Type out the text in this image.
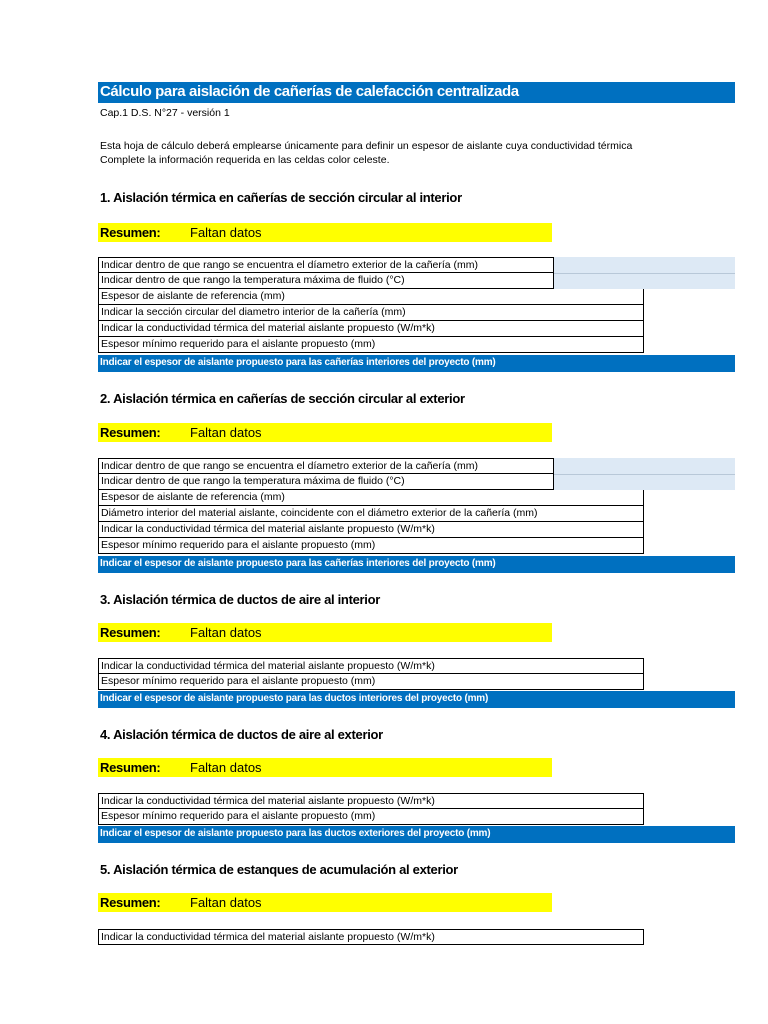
Cálculo para aislación de cañerías de calefacción centralizada
Cap.1 D.S. N°27 - versión 1
Esta hoja de cálculo deberá emplearse únicamente para definir un espesor de aislante cuya conductividad térmica
Complete la información requerida en las celdas color celeste.
1. Aislación térmica en cañerías de sección circular al interior
Resumen: Faltan datos
Indicar dentro de que rango se encuentra el díametro exterior de la cañería (mm)
Indicar dentro de que rango la temperatura máxima de fluido (°C)
Espesor de aislante de referencia (mm)
Indicar la sección circular del diametro interior de la cañería (mm)
Indicar la conductividad térmica del material aislante propuesto (W/m*k)
Espesor mínimo requerido para el aislante propuesto (mm)
Indicar el espesor de aislante propuesto para las cañerías interiores del proyecto (mm)
2. Aislación térmica en cañerías de sección circular al exterior
Resumen: Faltan datos
Indicar dentro de que rango se encuentra el díametro exterior de la cañería (mm)
Indicar dentro de que rango la temperatura máxima de fluido (°C)
Espesor de aislante de referencia (mm)
Diámetro interior del material aislante, coincidente con el diámetro exterior de la cañería (mm)
Indicar la conductividad térmica del material aislante propuesto (W/m*k)
Espesor mínimo requerido para el aislante propuesto (mm)
Indicar el espesor de aislante propuesto para las cañerías interiores del proyecto (mm)
3. Aislación térmica de ductos de aire al interior
Resumen: Faltan datos
Indicar la conductividad térmica del material aislante propuesto (W/m*k)
Espesor mínimo requerido para el aislante propuesto (mm)
Indicar el espesor de aislante propuesto para las ductos interiores del proyecto (mm)
4. Aislación térmica de ductos de aire al exterior
Resumen: Faltan datos
Indicar la conductividad térmica del material aislante propuesto (W/m*k)
Espesor mínimo requerido para el aislante propuesto (mm)
Indicar el espesor de aislante propuesto para las ductos exteriores del proyecto (mm)
5. Aislación térmica de estanques de acumulación al exterior
Resumen: Faltan datos
Indicar la conductividad térmica del material aislante propuesto (W/m*k)
